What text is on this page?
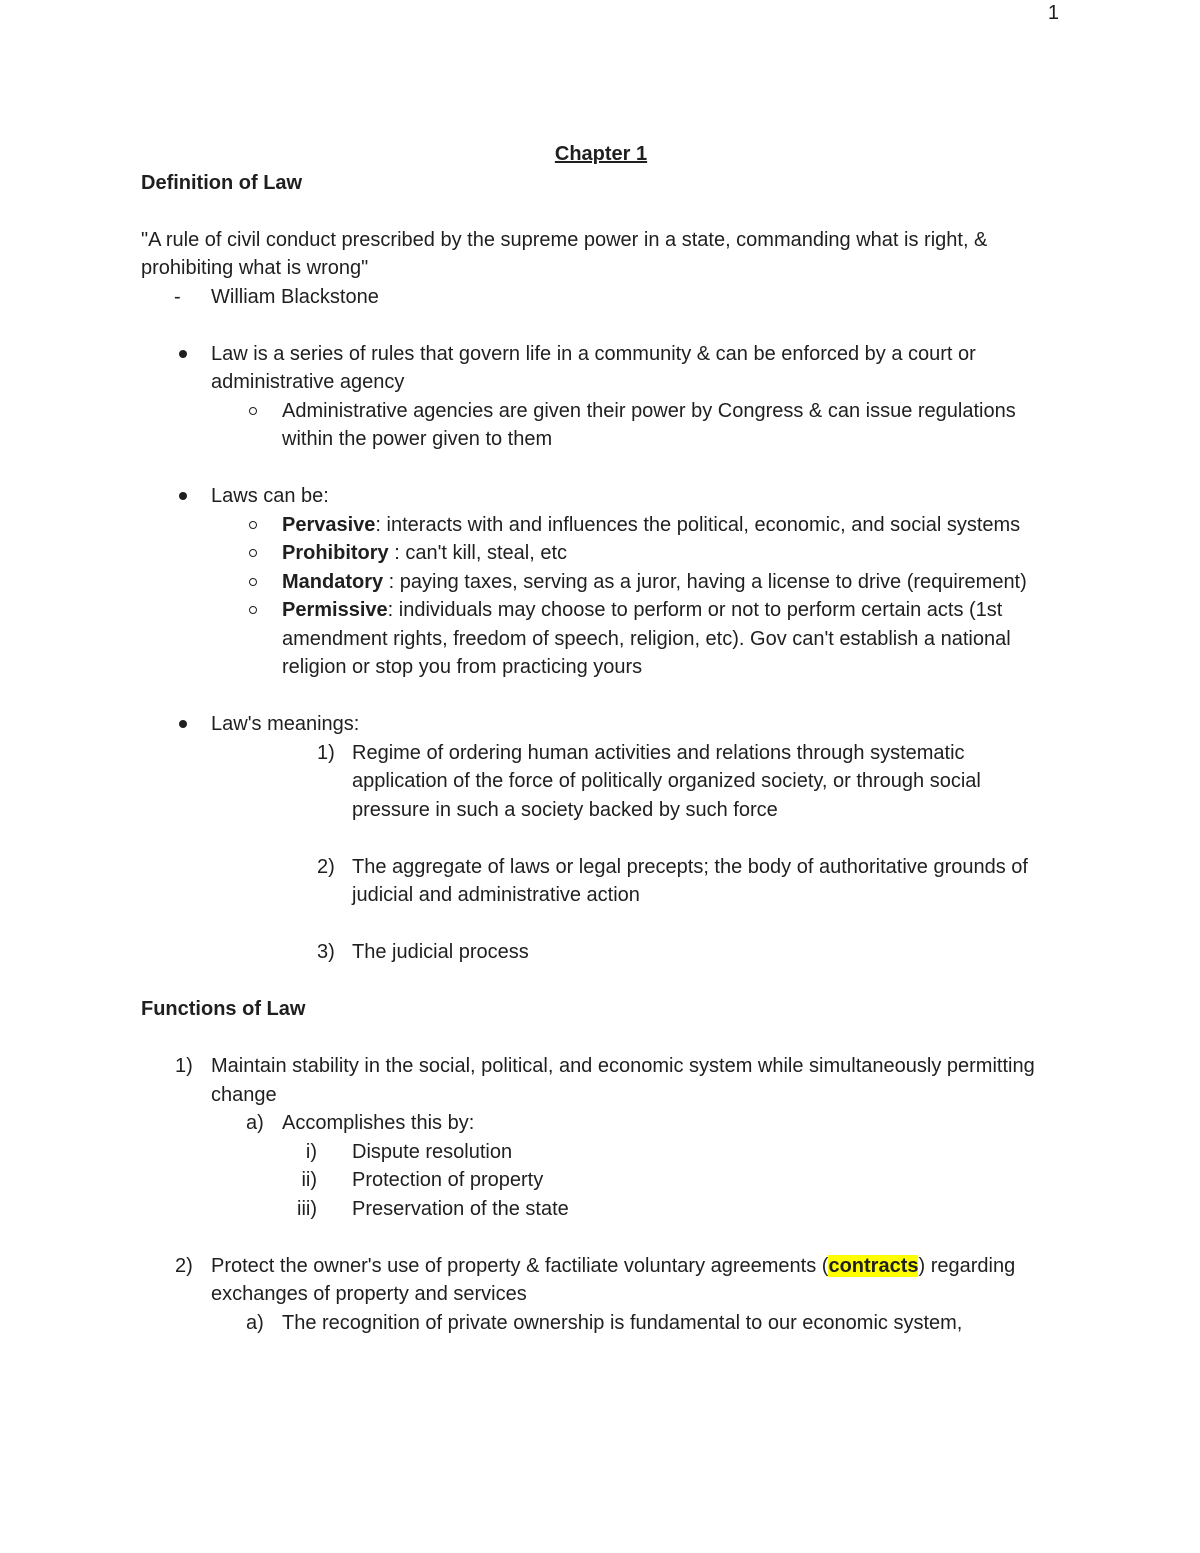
1

Chapter 1

Definition of Law

"A rule of civil conduct prescribed by the supreme power in a state, commanding what is right, & prohibiting what is wrong"

- William Blackstone

Law is a series of rules that govern life in a community & can be enforced by a court or administrative agency

Administrative agencies are given their power by Congress & can issue regulations within the power given to them

Laws can be:

Pervasive: interacts with and influences the political, economic, and social systems

Prohibitory : can't kill, steal, etc

Mandatory : paying taxes, serving as a juror, having a license to drive (requirement)

Permissive: individuals may choose to perform or not to perform certain acts (1st amendment rights, freedom of speech, religion, etc). Gov can't establish a national religion or stop you from practicing yours

Law's meanings:

1) Regime of ordering human activities and relations through systematic application of the force of politically organized society, or through social pressure in such a society backed by such force

2) The aggregate of laws or legal precepts; the body of authoritative grounds of judicial and administrative action

3) The judicial process

Functions of Law

1) Maintain stability in the social, political, and economic system while simultaneously permitting change

a) Accomplishes this by:

i) Dispute resolution

ii) Protection of property

iii) Preservation of the state

2) Protect the owner's use of property & factiliate voluntary agreements (contracts) regarding exchanges of property and services

a) The recognition of private ownership is fundamental to our economic system,
